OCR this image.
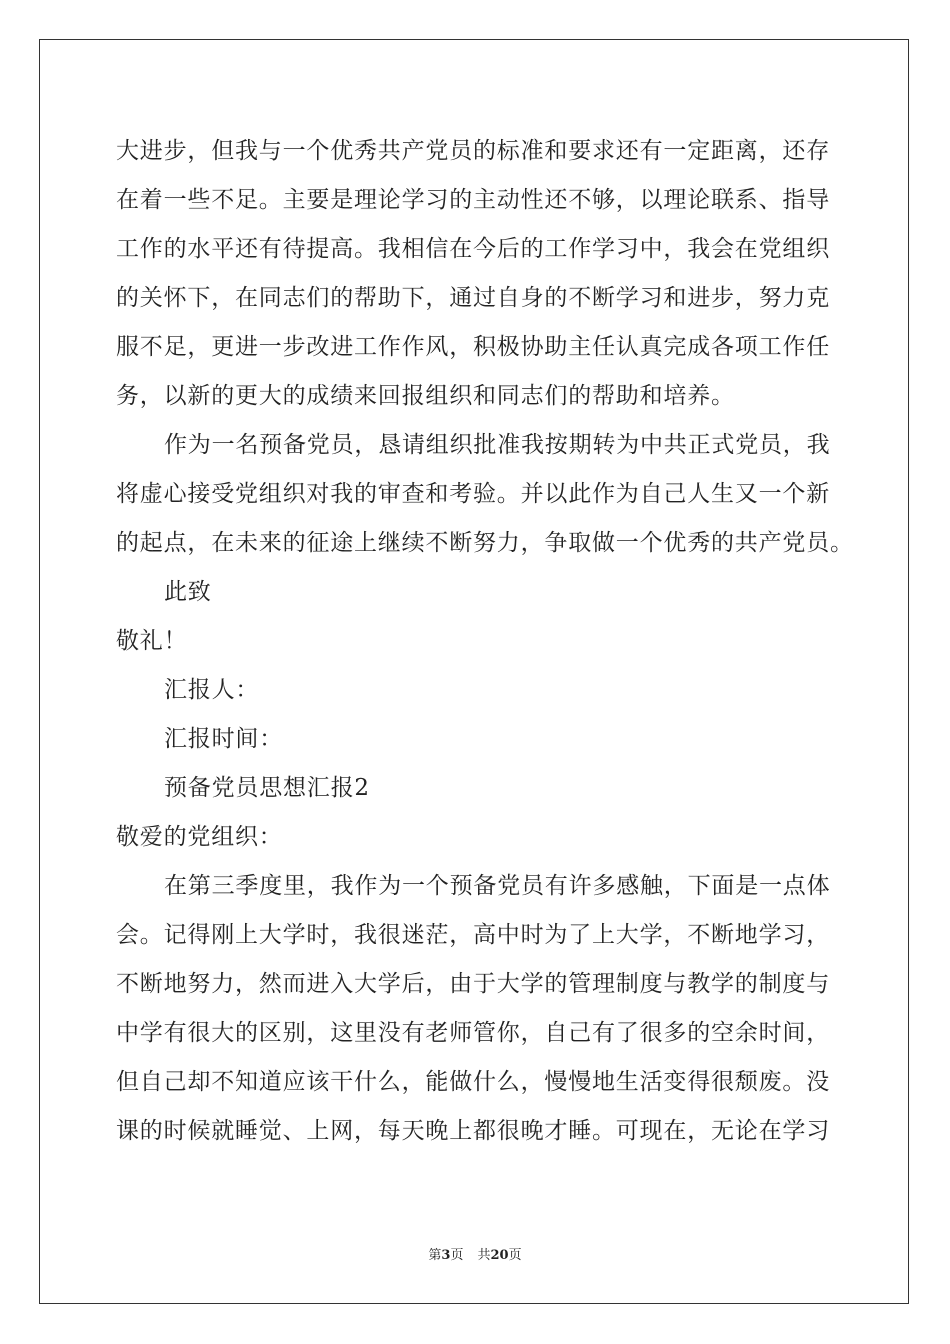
大进步，但我与一个优秀共产党员的标准和要求还有一定距离，还存
在着一些不足。主要是理论学习的主动性还不够，以理论联系、指导
工作的水平还有待提高。我相信在今后的工作学习中，我会在党组织
的关怀下，在同志们的帮助下，通过自身的不断学习和进步，努力克
服不足，更进一步改进工作作风，积极协助主任认真完成各项工作任
务，以新的更大的成绩来回报组织和同志们的帮助和培养。
作为一名预备党员，恳请组织批准我按期转为中共正式党员，我
将虚心接受党组织对我的审查和考验。并以此作为自己人生又一个新
的起点，在未来的征途上继续不断努力，争取做一个优秀的共产党员。
此致
敬礼！
汇报人：
汇报时间：
预备党员思想汇报2
敬爱的党组织：
在第三季度里，我作为一个预备党员有许多感触，下面是一点体
会。记得刚上大学时，我很迷茫，高中时为了上大学，不断地学习，
不断地努力，然而进入大学后，由于大学的管理制度与教学的制度与
中学有很大的区别，这里没有老师管你，自己有了很多的空余时间，
但自己却不知道应该干什么，能做什么，慢慢地生活变得很颓废。没
课的时候就睡觉、上网，每天晚上都很晚才睡。可现在，无论在学习
第3页 共20页
